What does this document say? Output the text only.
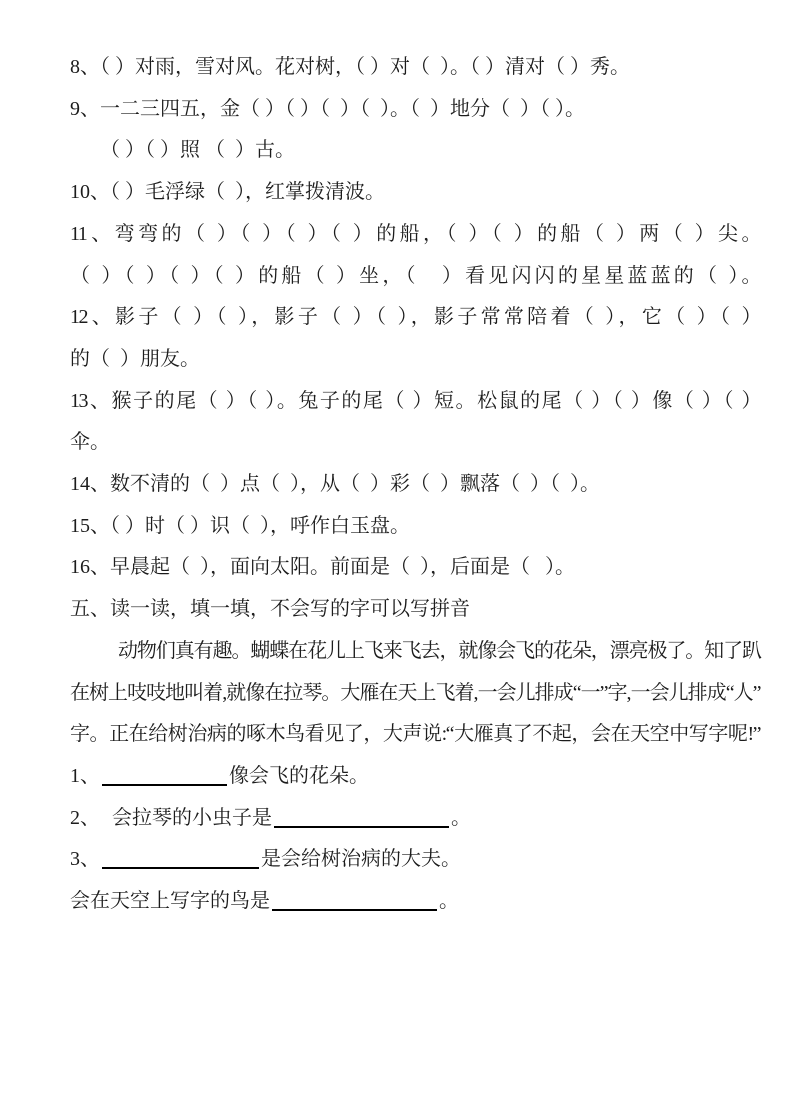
8、（ ）对雨，雪对风。花对树，（ ）对（  ）。（ ）清对（ ）秀。

9、一二三四五，金（ ）（ ）（  ）（  ）。（  ）地分（  ）（ ）。

（ ）（ ）照 （  ）古。

10、（ ）毛浮绿（  ），红掌拨清波。

11、弯弯的（ ）（ ）（ ）（ ）的船，（ ）（ ）的船（ ）两（ ）尖。

（ ）（ ）（ ）（ ）的船（ ）坐，（　）看见闪闪的星星蓝蓝的（ ）。

12、影子（ ）（ ），影子（ ）（ ），影子常常陪着（ ），它（ ）（ ）

的（  ）朋友。

13、猴子的尾（ ）（ ）。兔子的尾（ ）短。松鼠的尾（ ）（ ）像（ ）（ ）

伞。

14、数不清的（  ）点（  ），从（  ）彩（  ）飘落（  ）（  ）。

15、（ ）时（ ）识（  ），呼作白玉盘。

16、早晨起（  ），面向太阳。前面是（  ），后面是（   ）。

五、读一读，填一填，不会写的字可以写拼音

动物们真有趣。蝴蝶在花儿上飞来飞去，就像会飞的花朵，漂亮极了。知了趴

在树上吱吱地叫着,就像在拉琴。大雁在天上飞着,一会儿排成“一”字,一会儿排成“人”

字。正在给树治病的啄木鸟看见了，大声说:“大雁真了不起，会在天空中写字呢!”

1、	像会飞的花朵。

2、 会拉琴的小虫子是	。

3、	是会给树治病的大夫。

会在天空上写字的鸟是	。
